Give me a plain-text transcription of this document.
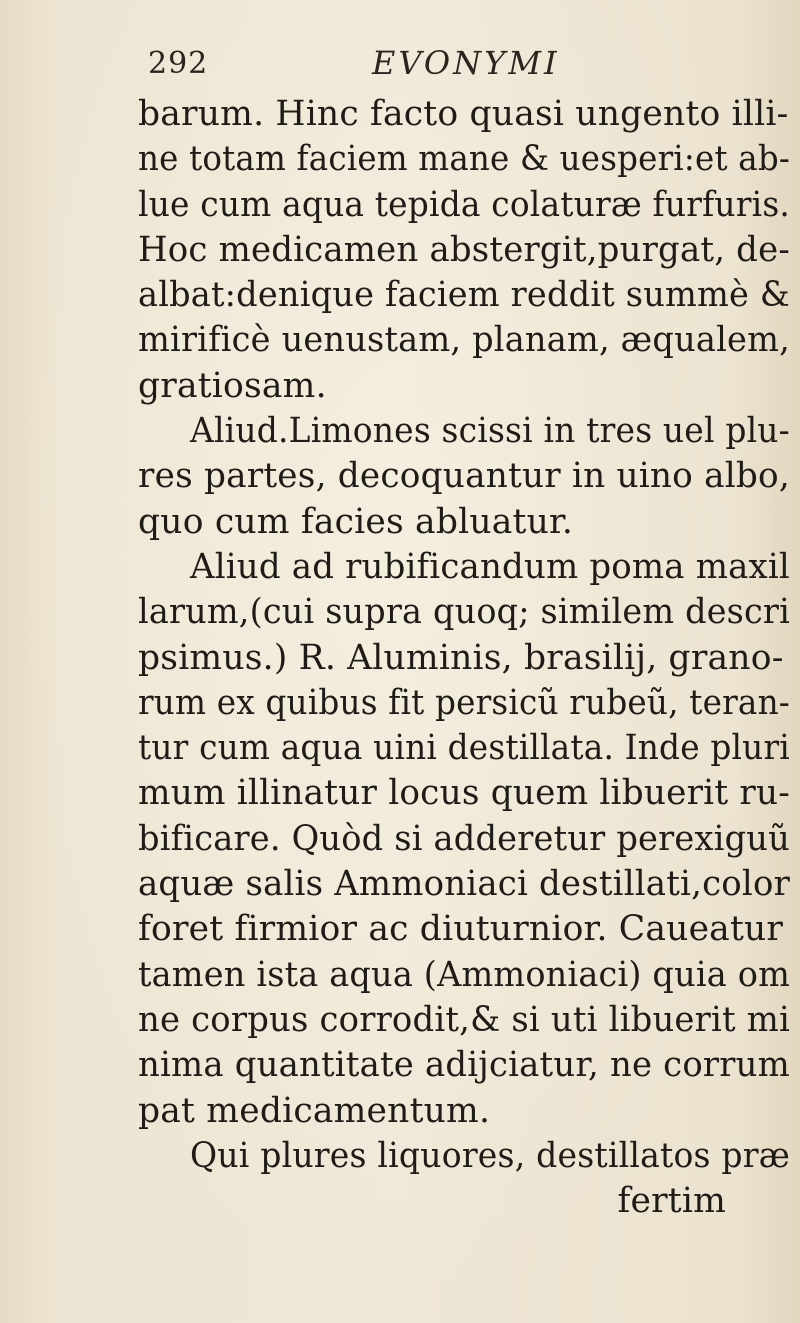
292	EVONYMI
barum. Hinc facto quasi ungento illi-
ne totam faciem mane & uesperi:et ab-
lue cum aqua tepida colaturæ furfuris.
Hoc medicamen abstergit,purgat, de-
albat:denique faciem reddit summè &
mirificè uenustam, planam, æqualem,
gratiosam.
Aliud.Limones scissi in tres uel plu-
res partes, decoquantur in uino albo,
quo cum facies abluatur.
Aliud ad rubificandum poma maxil
larum,(cui supra quoq; similem descri
psimus.) R. Aluminis, brasilij, grano-
rum ex quibus fit persicũ rubeũ, teran-
tur cum aqua uini destillata. Inde pluri
mum illinatur locus quem libuerit ru-
bificare. Quòd si adderetur perexiguũ
aquæ salis Ammoniaci destillati,color
foret firmior ac diuturnior. Caueatur
tamen ista aqua (Ammoniaci) quia om
ne corpus corrodit,& si uti libuerit mi
nima quantitate adijciatur, ne corrum
pat medicamentum.
Qui plures liquores, destillatos præ
fertim
